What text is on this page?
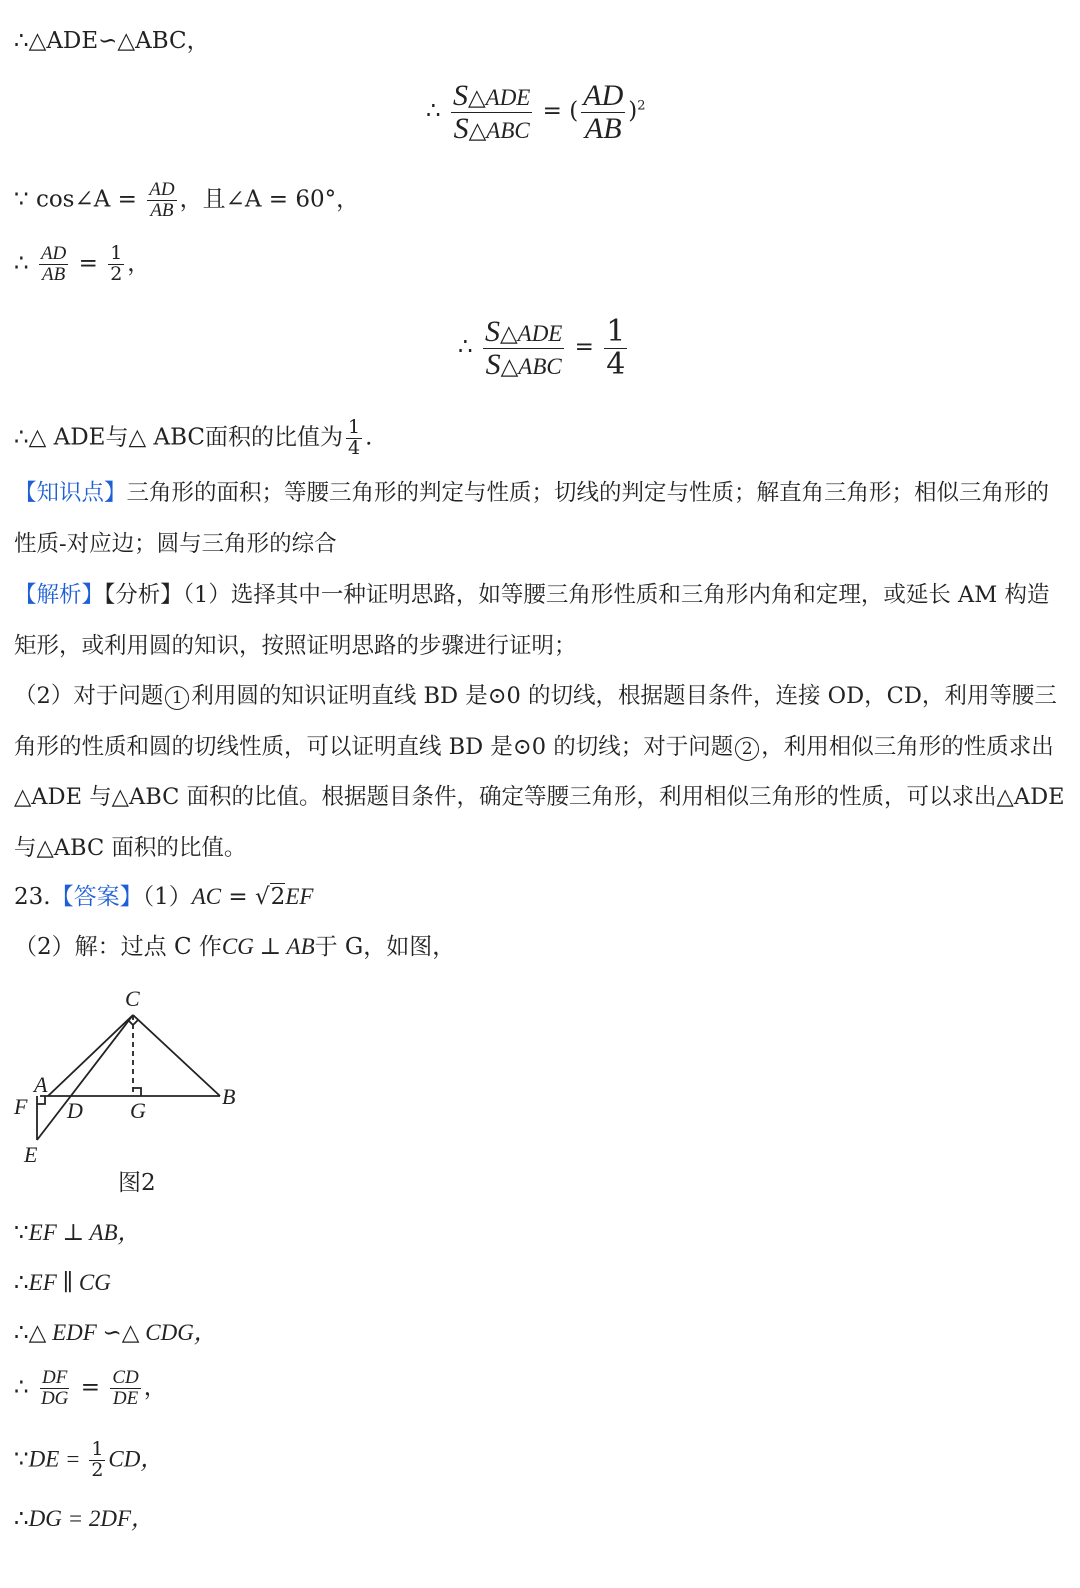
∴△ADE∽△ABC，
∴ $\frac{\text{S△ADE}}{\text{S△ABC}}$ = ( $\frac{AD}{AB} )^2$
∵ cos∠A = $\frac{AD}{AB}$ ，且∠A = 60°，
∴ $\frac{AD}{AB} = \frac{1}{2}$ ，
∴ $\frac{\text{S△ADE}}{\text{S△ABC}} = \frac{1}{4}$
∴△ ADE与△ ABC面积的比值为 $\frac{1}{4}$ .
【知识点】三角形的面积；等腰三角形的判定与性质；切线的判定与性质；解直角三角形；相似三角形的性质-对应边；圆与三角形的综合
【解析】【分析】（1）选择其中一种证明思路，如等腰三角形性质和三角形内角和定理，或延长 AM 构造矩形，或利用圆的知识，按照证明思路的步骤进行证明；
（2）对于问题 1 利用圆的知识证明直线 BD 是⊙0 的切线，根据题目条件，连接 OD，CD，利用等腰三角形的性质和圆的切线性质，可以证明直线 BD 是⊙0 的切线；对于问题 2 ，利用相似三角形的性质求出△ADE 与△ABC 面积的比值。根据题目条件，确定等腰三角形，利用相似三角形的性质，可以求出△ADE 与△ABC 面积的比值。
23.【答案】（1）AC = √2EF
（2）解：过点 C 作CG ⊥ AB于 G，如图，
C
A
F D G
B
E
图2
∵EF ⊥ AB，
∴EF ∥ CG
∴△ EDF ∽△ CDG，
∴ $\frac{DF}{DG} = \frac{CD}{DE}$ ，
∵DE = $\frac{1}{2}$ CD，
∴DG = 2DF，
